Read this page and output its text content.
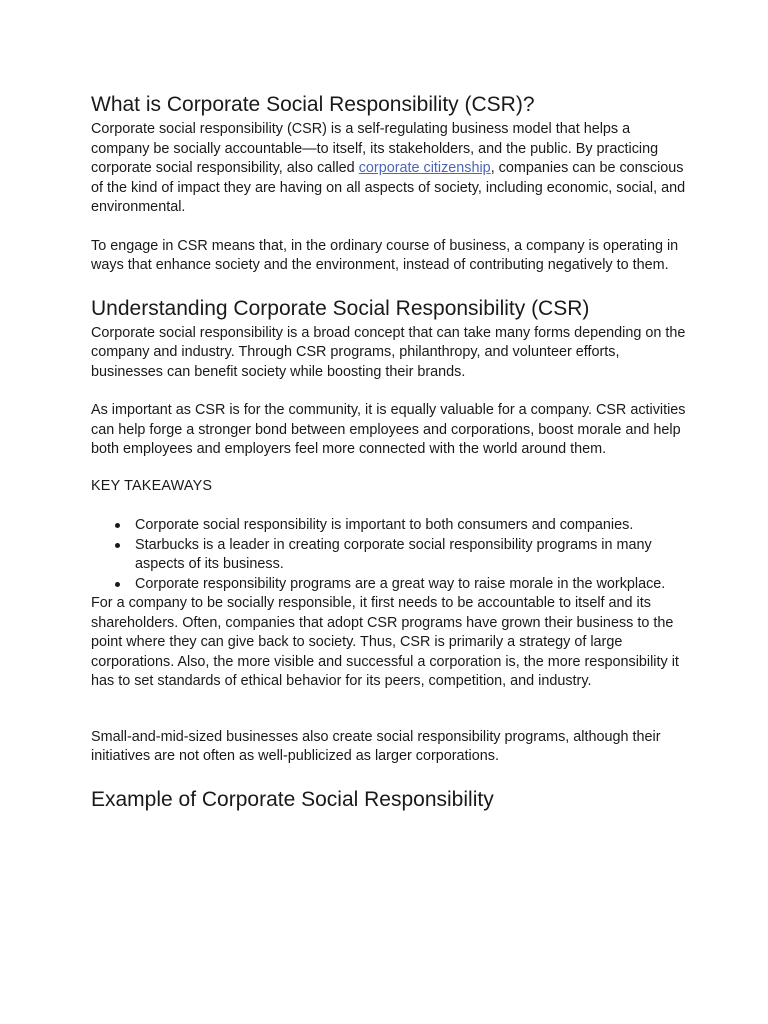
What is Corporate Social Responsibility (CSR)?

Corporate social responsibility (CSR) is a self-regulating business model that helps a company be socially accountable—to itself, its stakeholders, and the public. By practicing corporate social responsibility, also called corporate citizenship, companies can be conscious of the kind of impact they are having on all aspects of society, including economic, social, and environmental.

To engage in CSR means that, in the ordinary course of business, a company is operating in ways that enhance society and the environment, instead of contributing negatively to them.

Understanding Corporate Social Responsibility (CSR)

Corporate social responsibility is a broad concept that can take many forms depending on the company and industry. Through CSR programs, philanthropy, and volunteer efforts, businesses can benefit society while boosting their brands.

As important as CSR is for the community, it is equally valuable for a company. CSR activities can help forge a stronger bond between employees and corporations, boost morale and help both employees and employers feel more connected with the world around them.

KEY TAKEAWAYS

Corporate social responsibility is important to both consumers and companies.
Starbucks is a leader in creating corporate social responsibility programs in many aspects of its business.
Corporate responsibility programs are a great way to raise morale in the workplace.

For a company to be socially responsible, it first needs to be accountable to itself and its shareholders. Often, companies that adopt CSR programs have grown their business to the point where they can give back to society. Thus, CSR is primarily a strategy of large corporations. Also, the more visible and successful a corporation is, the more responsibility it has to set standards of ethical behavior for its peers, competition, and industry.

Small-and-mid-sized businesses also create social responsibility programs, although their initiatives are not often as well-publicized as larger corporations.

Example of Corporate Social Responsibility
